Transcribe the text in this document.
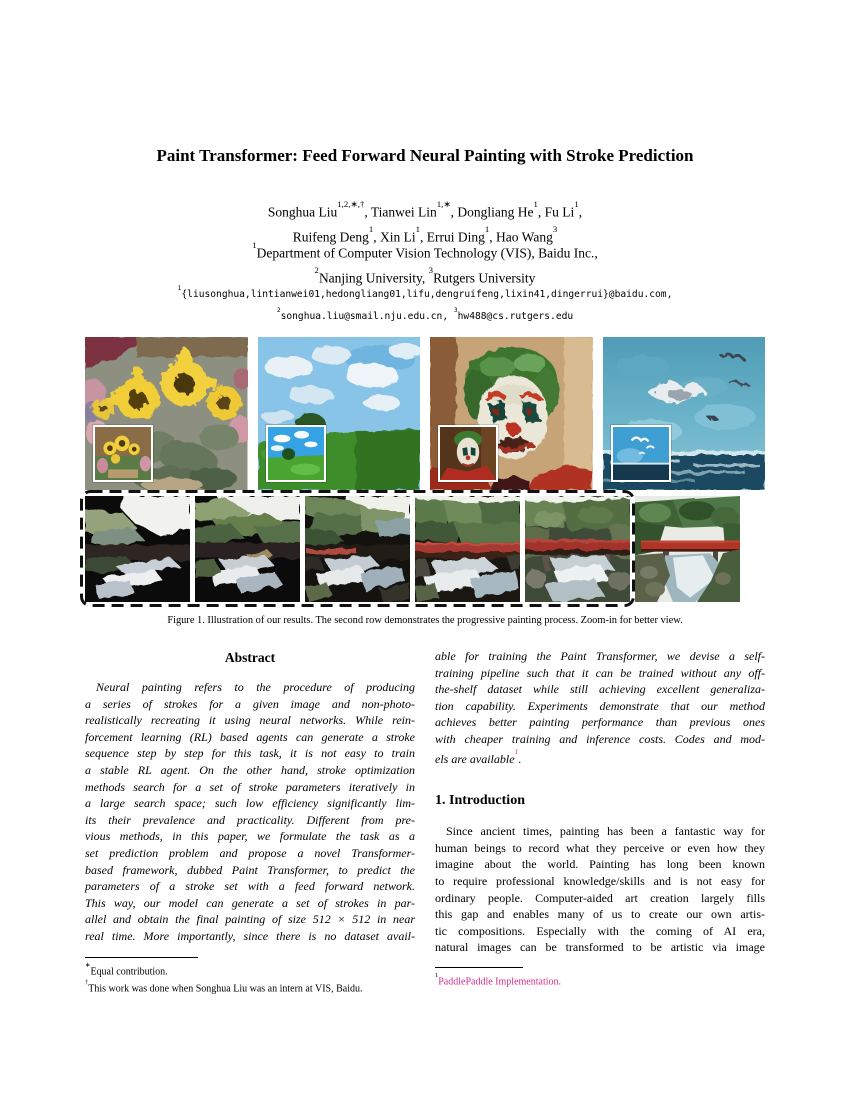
Paint Transformer: Feed Forward Neural Painting with Stroke Prediction
Songhua Liu$^{1,2,∗,\dagger}$, Tianwei Lin$^{1,∗}$, Dongliang He$^1$, Fu Li$^1$,
Ruifeng Deng$^1$, Xin Li$^1$, Errui Ding$^1$, Hao Wang$^3$
$^1$Department of Computer Vision Technology (VIS), Baidu Inc.,
$^2$Nanjing University, $^3$Rutgers University
$^1${liusonghua,lintianwei01,hedongliang01,lifu,dengruifeng,lixin41,dingerrui}@baidu.com,
$^2$songhua.liu@smail.nju.edu.cn, $^3$hw488@cs.rutgers.edu
Figure 1. Illustration of our results. The second row demonstrates the progressive painting process. Zoom-in for better view.
Abstract
Neural painting refers to the procedure of producing
a series of strokes for a given image and non-photo-
realistically recreating it using neural networks. While rein-
forcement learning (RL) based agents can generate a stroke
sequence step by step for this task, it is not easy to train
a stable RL agent. On the other hand, stroke optimization
methods search for a set of stroke parameters iteratively in
a large search space; such low efficiency significantly lim-
its their prevalence and practicality. Different from pre-
vious methods, in this paper, we formulate the task as a
set prediction problem and propose a novel Transformer-
based framework, dubbed Paint Transformer, to predict the
parameters of a stroke set with a feed forward network.
This way, our model can generate a set of strokes in par-
allel and obtain the final painting of size 512 × 512 in near
real time. More importantly, since there is no dataset avail-
∗Equal contribution.
†This work was done when Songhua Liu was an intern at VIS, Baidu.
able for training the Paint Transformer, we devise a self-
training pipeline such that it can be trained without any off-
the-shelf dataset while still achieving excellent generaliza-
tion capability. Experiments demonstrate that our method
achieves better painting performance than previous ones
with cheaper training and inference costs. Codes and mod-
els are available$^1$.
1. Introduction
Since ancient times, painting has been a fantastic way for
human beings to record what they perceive or even how they
imagine about the world. Painting has long been known
to require professional knowledge/skills and is not easy for
ordinary people. Computer-aided art creation largely fills
this gap and enables many of us to create our own artis-
tic compositions. Especially with the coming of AI era,
natural images can be transformed to be artistic via image
$^1$PaddlePaddle Implementation.
